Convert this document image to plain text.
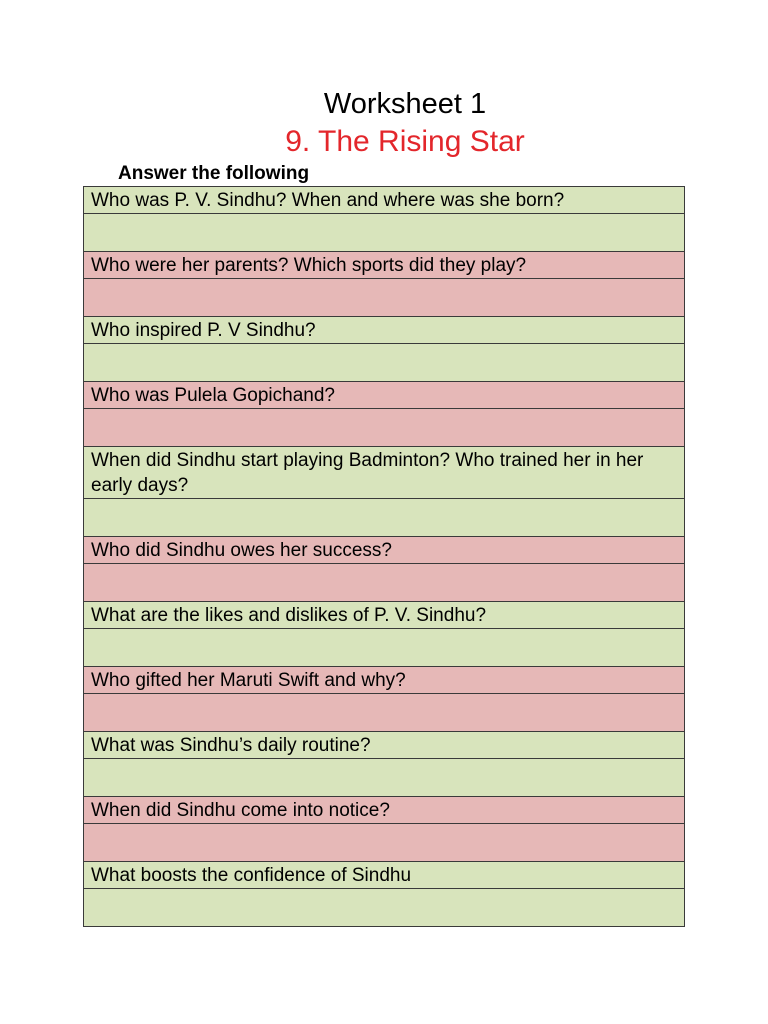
Worksheet 1
9. The Rising Star
Answer the following
Who was P. V. Sindhu? When and where was she born?

Who were her parents? Which sports did they play?

Who inspired P. V Sindhu?

Who was Pulela Gopichand?

When did Sindhu start playing Badminton? Who trained her in her early days?

Who did Sindhu owes her success?

What are the likes and dislikes of P. V. Sindhu?

Who gifted her Maruti Swift and why?

What was Sindhu’s daily routine?

When did Sindhu come into notice?

What boosts the confidence of Sindhu
